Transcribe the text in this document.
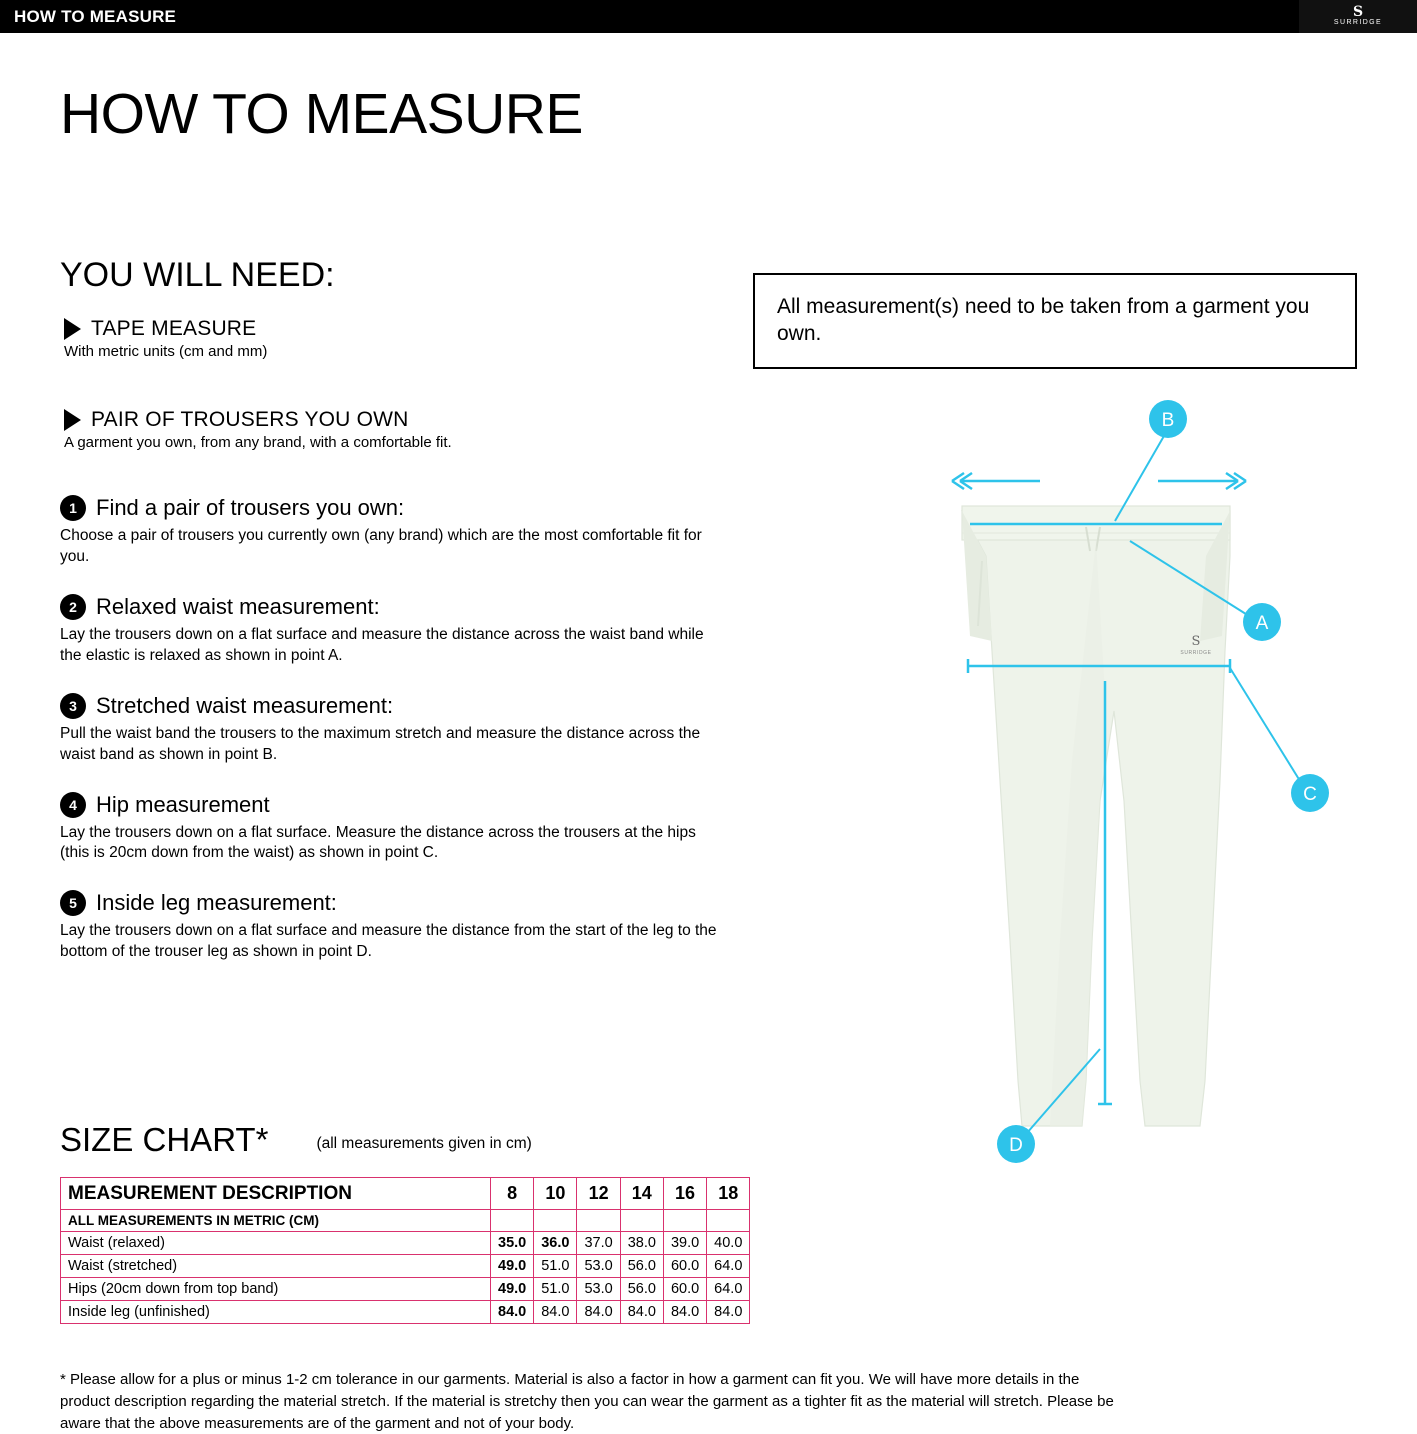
HOW TO MEASURE	S
SURRIDGE
HOW TO MEASURE
YOU WILL NEED:
TAPE MEASURE
With metric units (cm and mm)
PAIR OF TROUSERS YOU OWN
A garment you own, from any brand, with a comfortable fit.
1 Find a pair of trousers you own:
Choose a pair of trousers you currently own (any brand) which are the most comfortable fit for you.
2 Relaxed waist measurement:
Lay the trousers down on a flat surface and measure the distance across the waist band while the elastic is relaxed as shown in point A.
3 Stretched waist measurement:
Pull the waist band the trousers to the maximum stretch and measure the distance across the waist band as shown in point B.
4 Hip measurement
Lay the trousers down on a flat surface. Measure the distance across the trousers at the hips (this is 20cm down from the waist) as shown in point C.
5 Inside leg measurement:
Lay the trousers down on a flat surface and measure the distance from the start of the leg to the bottom of the trouser leg as shown in point D.
All measurement(s) need to be taken from a garment you own.
S
SURRIDGE
B
A
C
D
SIZE CHART*	(all measurements given in cm)
MEASUREMENT DESCRIPTION	8	10	12	14	16	18
ALL MEASUREMENTS IN METRIC (CM)						
Waist (relaxed)	35.0	36.0	37.0	38.0	39.0	40.0
Waist (stretched)	49.0	51.0	53.0	56.0	60.0	64.0
Hips (20cm down from top band)	49.0	51.0	53.0	56.0	60.0	64.0
Inside leg (unfinished)	84.0	84.0	84.0	84.0	84.0	84.0
* Please allow for a plus or minus 1-2 cm tolerance in our garments. Material is also a factor in how a garment can fit you. We will have more details in the product description regarding the material stretch. If the material is stretchy then you can wear the garment as a tighter fit as the material will stretch. Please be aware that the above measurements are of the garment and not of your body.
